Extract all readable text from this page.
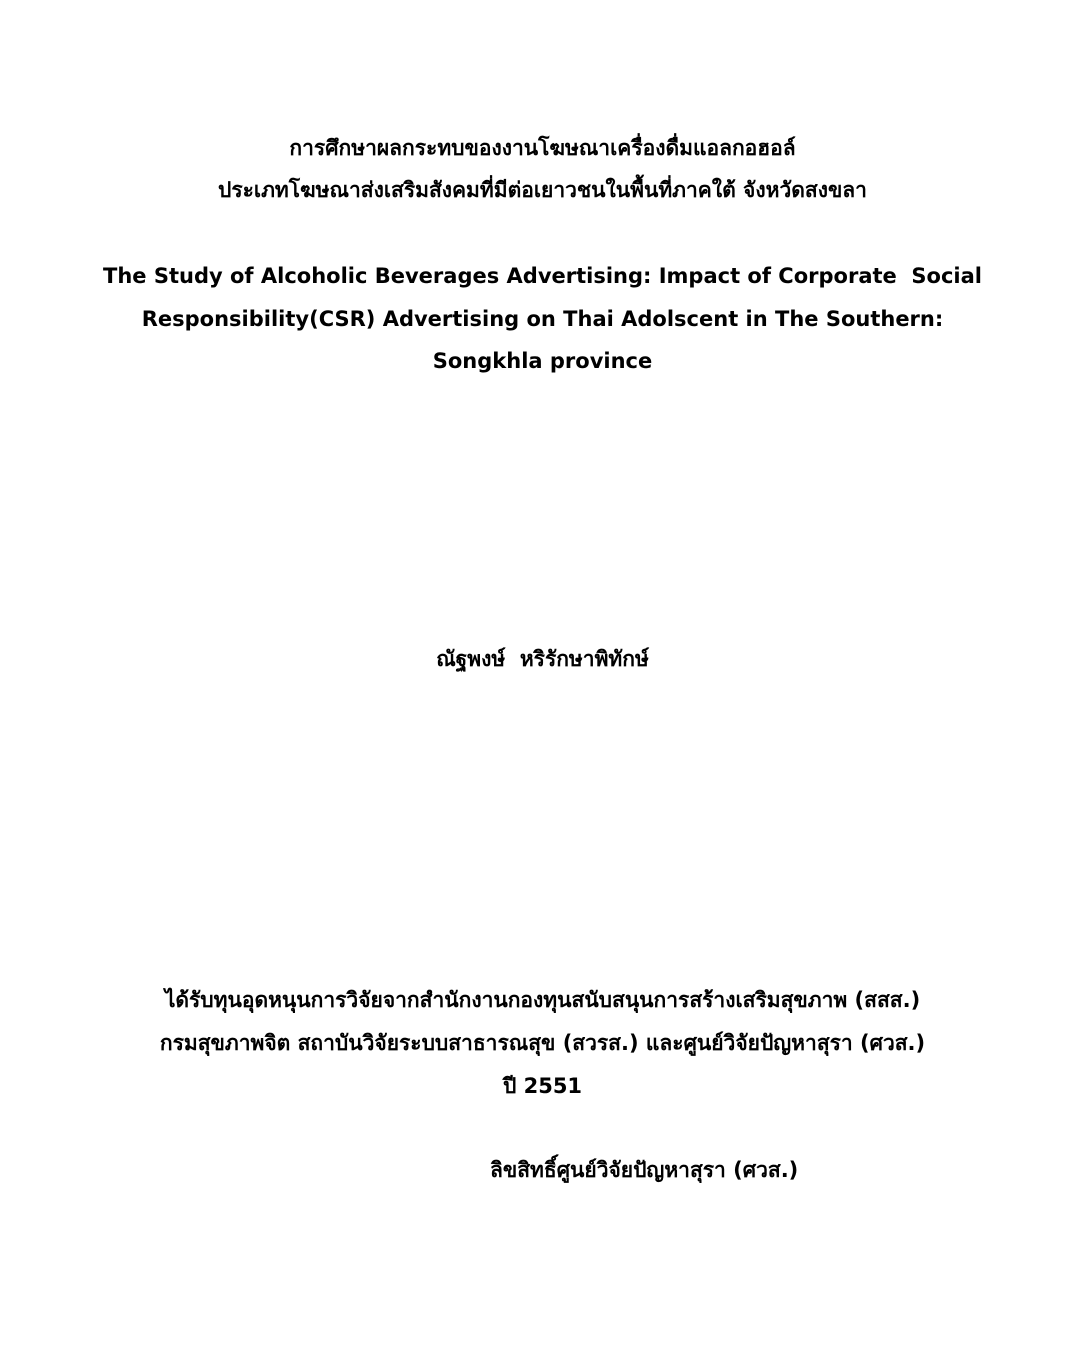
การศึกษาผลกระทบของงานโฆษณาเครื่องดื่มแอลกอฮอล์
ประเภทโฆษณาส่งเสริมสังคมที่มีต่อเยาวชนในพื้นที่ภาคใต้ จังหวัดสงขลา
The Study of Alcoholic Beverages Advertising: Impact of Corporate  Social
Responsibility(CSR) Advertising on Thai Adolscent in The Southern:
Songkhla province
ณัฐพงษ์  หริรักษาพิทักษ์
ได้รับทุนอุดหนุนการวิจัยจากสำนักงานกองทุนสนับสนุนการสร้างเสริมสุขภาพ (สสส.)
กรมสุขภาพจิต สถาบันวิจัยระบบสาธารณสุข (สวรส.) และศูนย์วิจัยปัญหาสุรา (ศวส.)
ปี 2551
ลิขสิทธิ์ศูนย์วิจัยปัญหาสุรา (ศวส.)
